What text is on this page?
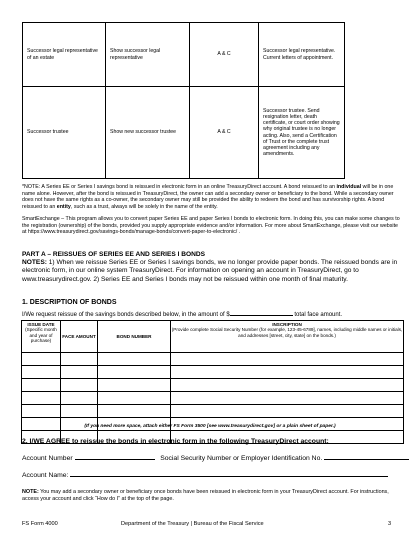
Successor legal representative of an estate	Show successor legal representative	A & C	Successor legal representative. Current letters of appointment.
Successor trustee	Show new successor trustee	A & C	Successor trustee. Send resignation letter, death certificate, or court order showing why original trustee is no longer acting. Also, send a Certification of Trust or the complete trust agreement including any amendments.
*NOTE: A Series EE or Series I savings bond is reissued in electronic form in an online TreasuryDirect account. A bond reissued to an individual will be in one name alone. However, after the bond is reissued in TreasuryDirect, the owner can add a secondary owner or beneficiary to the bond. While a secondary owner does not have the same rights as a co-owner, the secondary owner may still be provided the ability to redeem the bond and has survivorship rights. A bond reissued to an entity, such as a trust, always will be solely in the name of the entity.
SmartExchange – This program allows you to convert paper Series EE and paper Series I bonds to electronic form. In doing this, you can make some changes to the registration (ownership) of the bonds, provided you supply appropriate evidence and/or information. For more about SmartExchange, please visit our website at https://www.treasurydirect.gov/savings-bonds/manage-bonds/convert-paper-to-electronic/ .
PART A – REISSUES OF SERIES EE AND SERIES I BONDS
NOTES: 1) When we reissue Series EE or Series I savings bonds, we no longer provide paper bonds. The reissued bonds are in electronic form, in our online system TreasuryDirect. For information on opening an account in TreasuryDirect, go to www.treasurydirect.gov. 2) Series EE and Series I bonds may not be reissued within one month of final maturity.
1. DESCRIPTION OF BONDS
I/We request reissue of the savings bonds described below, in the amount of $	total face amount.
ISSUE DATE
(Specific month and year of purchase)	FACE AMOUNT	BOND NUMBER	INSCRIPTION
(Provide complete Social Security Number (for example, 123-45-6789], names, including middle names or initials, and addresses [street, city, state] on the bonds.)

(If you need more space, attach either FS Form 3500 [see www.treasurydirect.gov] or a plain sheet of paper.)
2. I/WE AGREE to reissue the bonds in electronic form in the following TreasuryDirect account:
Account Number	Social Security Number or Employer Identification No.
Account Name:
NOTE: You may add a secondary owner or beneficiary once bonds have been reissued in electronic form in your TreasuryDirect account. For instructions, access your account and click “How do I” at the top of the page.
FS Form 4000	Department of the Treasury | Bureau of the Fiscal Service	3
